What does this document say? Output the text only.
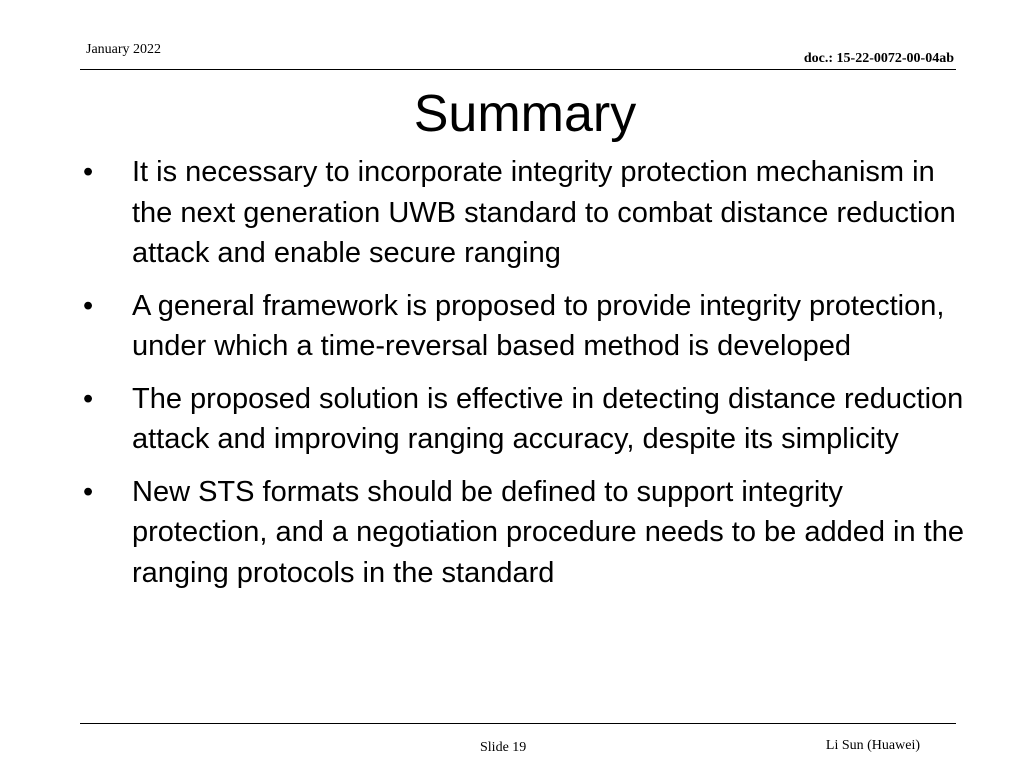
January 2022
doc.: 15-22-0072-00-04ab
Summary
• It is necessary to incorporate integrity protection mechanism in the next generation UWB standard to combat distance reduction attack and enable secure ranging
• A general framework is proposed to provide integrity protection, under which a time-reversal based method is developed
• The proposed solution is effective in detecting distance reduction attack and improving ranging accuracy, despite its simplicity
• New STS formats should be defined to support integrity protection, and a negotiation procedure needs to be added in the ranging protocols in the standard
Slide 19	Li Sun (Huawei)
